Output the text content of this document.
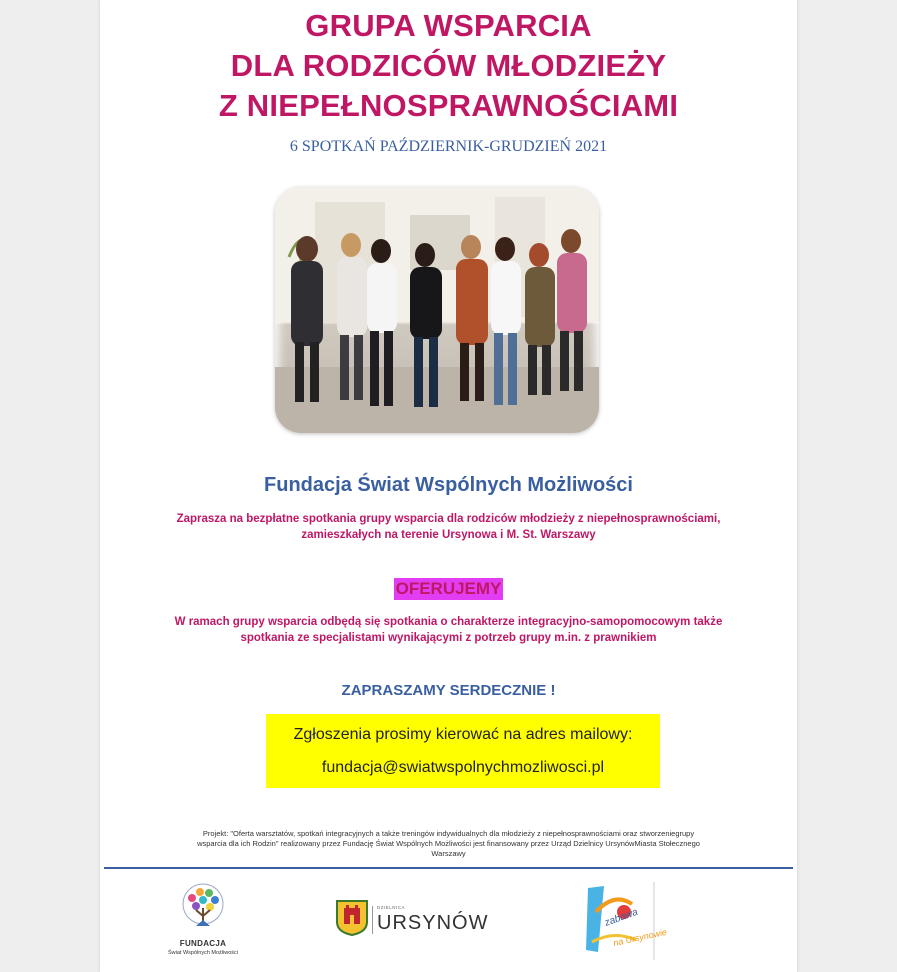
GRUPA WSPARCIA
DLA RODZICÓW MŁODZIEŻY
Z NIEPEŁNOSPRAWNOŚCIAMI
6 SPOTKAŃ PAŹDZIERNIK-GRUDZIEŃ 2021
Fundacja Świat Wspólnych Możliwości
Zaprasza na bezpłatne spotkania grupy wsparcia dla rodziców młodzieży z niepełnosprawnościami,
zamieszkałych na terenie Ursynowa i M. St. Warszawy
OFERUJEMY
W ramach grupy wsparcia odbędą się spotkania o charakterze integracyjno-samopomocowym także
spotkania ze specjalistami wynikającymi z potrzeb grupy m.in. z prawnikiem
ZAPRASZAMY SERDECZNIE !
Zgłoszenia prosimy kierować na adres mailowy:
fundacja@swiatwspolnychmozliwosci.pl
Projekt: "Oferta warsztatów, spotkań integracyjnych a także treningów indywidualnych dla młodzieży z niepełnosprawnościami oraz stworzeniegrupy
wsparcia dla ich Rodzin" realizowany przez Fundację Świat Wspólnych Możliwości jest finansowany przez Urząd Dzielnicy UrsynówMiasta Stołecznego
Warszawy
FUNDACJA
Świat Wspólnych Możliwości
DZIELNICA
URSYNÓW	zabawa
na Ursynowie
